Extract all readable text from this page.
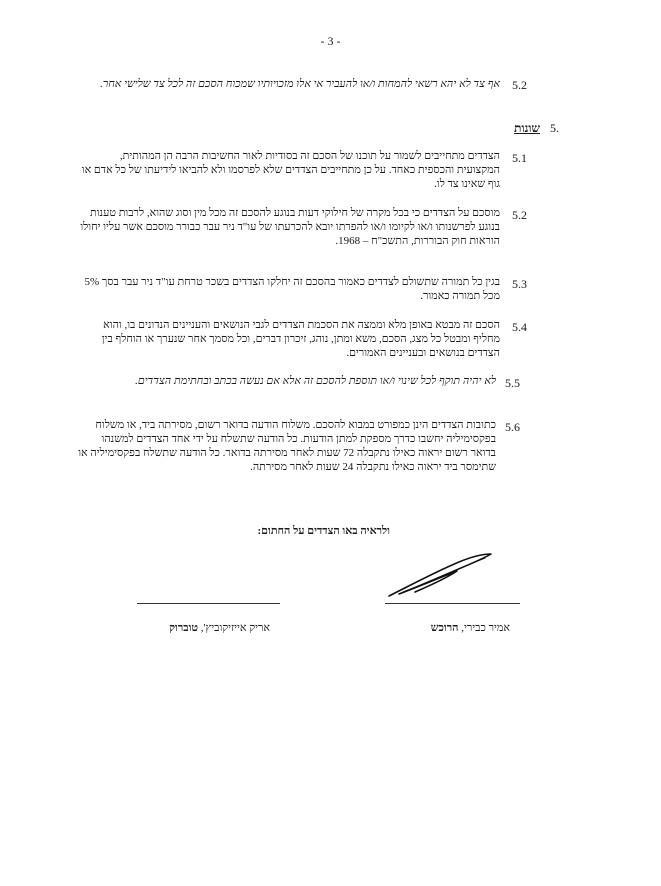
- 3 -
5.2
אף צד לא יהא רשאי להמחות ו/או להעביר אי אלו מזכויותיו שמכוח הסכם זה לכל צד שלישי אחר.
5.
שונות
5.1
הצדדים מתחייבים לשמור על תוכנו של הסכם זה בסודיות לאור החשיבות הרבה הן המהותית, המקצועית והכספית כאחד. על כן מתחייבים הצדדים שלא לפרסמו ולא להביאו לידיעתו של כל אדם או גוף שאינו צד לו.
5.2
מוסכם על הצדדים כי בכל מקרה של חילוקי דעות בנוגע להסכם זה מכל מין וסוג שהוא, לרבות טענות בנוגע לפרשנותו ו/או לקיומו ו/או להפרתו יובא להכרעתו של עו"ד ניר עבר כבורר מוסכם אשר עליו יחולו הוראות חוק הבוררות, התשכ"ח – 1968.
5.3
בגין כל תמורה שתשולם לצדדים כאמור בהסכם זה יחלקו הצדדים בשכר טרחת עו"ד ניר עבר בסך 5% מכל תמורה כאמור.
5.4
הסכם זה מבטא באופן מלא וממצה את הסכמת הצדדים לגבי הנושאים והעניינים הנדונים בו, והוא מחליף ומבטל כל מצג, הסכם, משא ומתן, נוהג, זיכרון דברים, וכל מסמך אחר שנערך או הוחלף בין הצדדים בנושאים ובעניינים האמורים.
5.5
לא יהיה תוקף לכל שינוי ו/או תוספת להסכם זה אלא אם נעשה בכתב ובחתימת הצדדים.
5.6
כתובות הצדדים הינן כמפורט במבוא להסכם. משלוח הודעה בדואר רשום, מסירתה ביד, או משלוח בפקסימיליה יחשבו כדרך מספקת למתן הודעות. כל הודעה שתשלח על ידי אחד הצדדים למשנהו בדואר רשום יראוה כאילו נתקבלה 72 שעות לאחר מסירתה בדואר. כל הודעה שתשלח בפקסימיליה או שתימסר ביד יראוה כאילו נתקבלה 24 שעות לאחר מסירתה.
ולראיה באו הצדדים על החתום:
אמיר כבירי, הרוכש
אריק אייזיקוביץ', טוברוק
